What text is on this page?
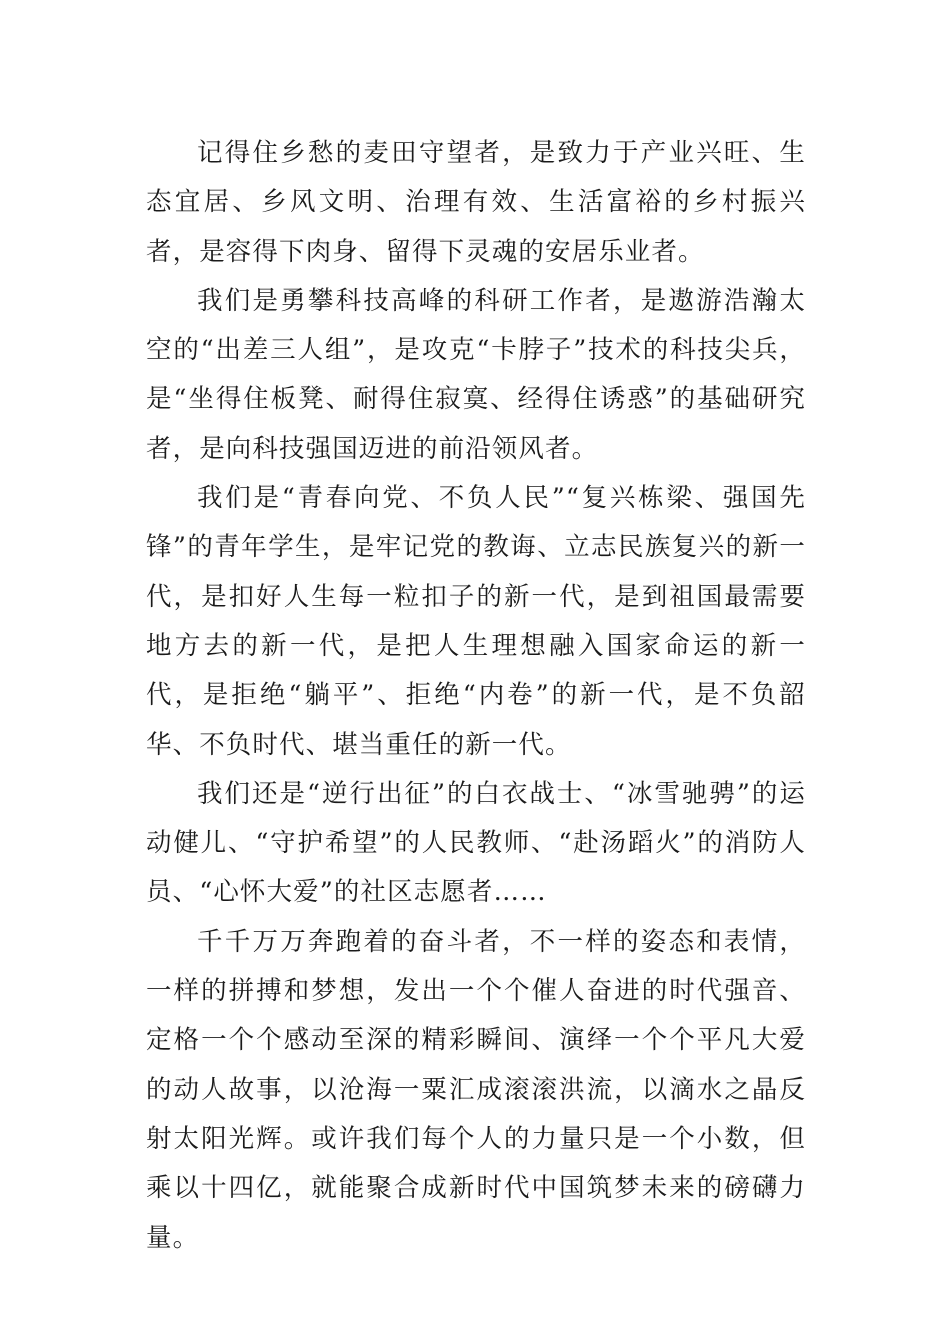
记得住乡愁的麦田守望者，是致力于产业兴旺、生态宜居、乡风文明、治理有效、生活富裕的乡村振兴者，是容得下肉身、留得下灵魂的安居乐业者。

我们是勇攀科技高峰的科研工作者，是遨游浩瀚太空的“出差三人组”，是攻克“卡脖子”技术的科技尖兵，是“坐得住板凳、耐得住寂寞、经得住诱惑”的基础研究者，是向科技强国迈进的前沿领风者。

我们是“青春向党、不负人民”“复兴栋梁、强国先锋”的青年学生，是牢记党的教诲、立志民族复兴的新一代，是扣好人生每一粒扣子的新一代，是到祖国最需要地方去的新一代，是把人生理想融入国家命运的新一代，是拒绝“躺平”、拒绝“内卷”的新一代，是不负韶华、不负时代、堪当重任的新一代。

我们还是“逆行出征”的白衣战士、“冰雪驰骋”的运动健儿、“守护希望”的人民教师、“赴汤蹈火”的消防人员、“心怀大爱”的社区志愿者……

千千万万奔跑着的奋斗者，不一样的姿态和表情，一样的拼搏和梦想，发出一个个催人奋进的时代强音、定格一个个感动至深的精彩瞬间、演绎一个个平凡大爱的动人故事，以沧海一粟汇成滚滚洪流，以滴水之晶反射太阳光辉。或许我们每个人的力量只是一个小数，但乘以十四亿，就能聚合成新时代中国筑梦未来的磅礴力量。
